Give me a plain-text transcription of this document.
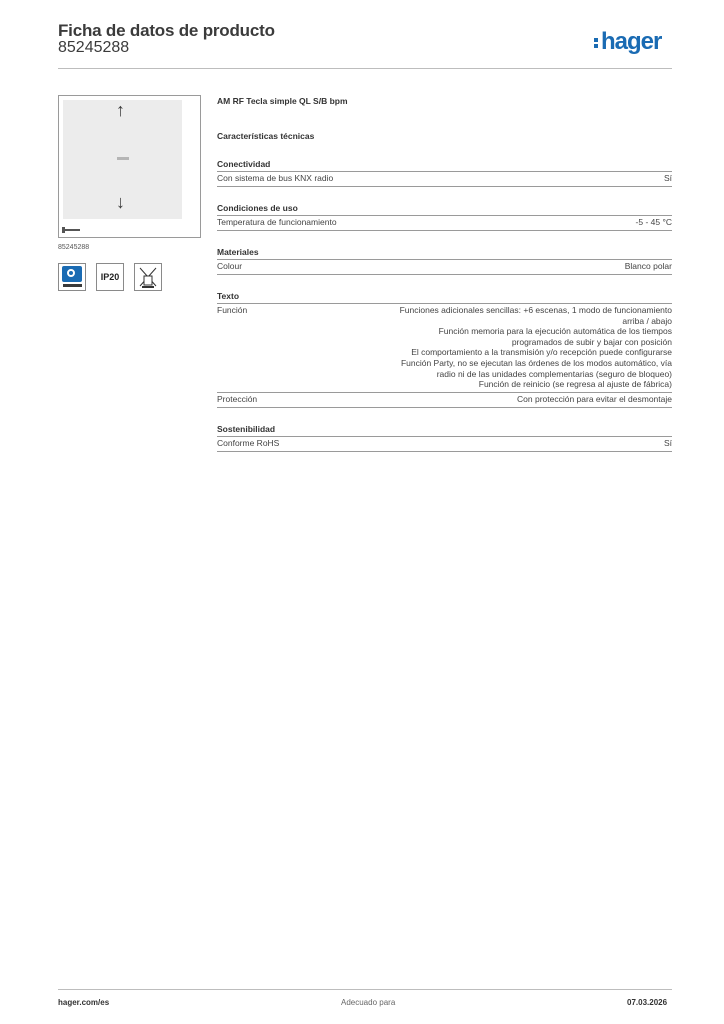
Ficha de datos de producto
85245288	hager
↑
↓
85245288
IP20
AM RF Tecla simple QL S/B bpm
Características técnicas
Conectividad
Con sistema de bus KNX radio	Sí
Condiciones de uso
Temperatura de funcionamiento	-5 - 45 °C
Materiales
Colour	Blanco polar
Texto
Función	Funciones adicionales sencillas: +6 escenas, 1 modo de funcionamiento
arriba / abajo
Función memoria para la ejecución automática de los tiempos
programados de subir y bajar con posición
El comportamiento a la transmisión y/o recepción puede configurarse
Función Party, no se ejecutan las órdenes de los modos automático, vía
radio ni de las unidades complementarias (seguro de bloqueo)
Función de reinicio (se regresa al ajuste de fábrica)
Protección	Con protección para evitar el desmontaje
Sostenibilidad
Conforme RoHS	Sí
hager.com/es	Adecuado para	07.03.2026
